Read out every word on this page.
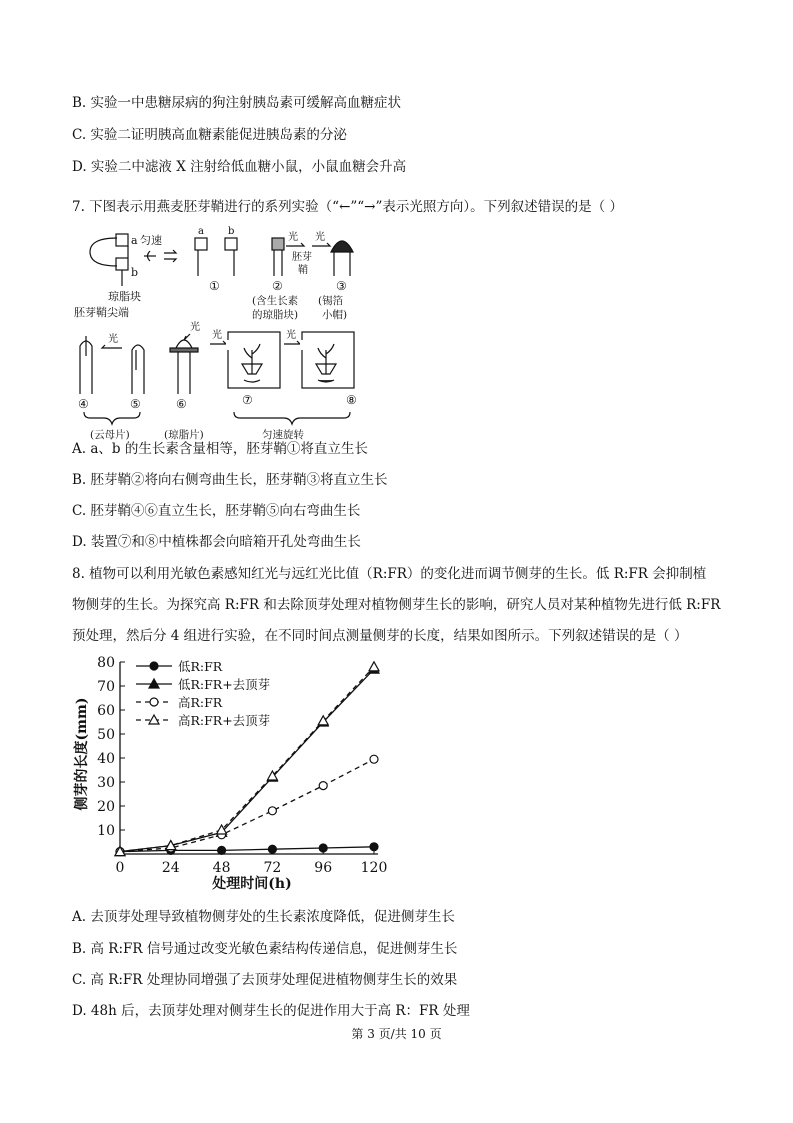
B. 实验一中患糖尿病的狗注射胰岛素可缓解高血糖症状
C. 实验二证明胰高血糖素能促进胰岛素的分泌
D. 实验二中滤液 X 注射给低血糖小鼠，小鼠血糖会升高
7. 下图表示用燕麦胚芽鞘进行的系列实验（“←”“→”表示光照方向）。下列叙述错误的是（ ）
a
b
匀速
琼脂块
胚芽鞘尖端
a b
①
光
胚芽
鞘
光
②	③
(含生长素
的琼脂块)
(锡箔
小帽)
光
④	⑤
(云母片)
光
⑥
(琼脂片)
光
⑦
光
⑧
匀速旋转
A. a、b 的生长素含量相等，胚芽鞘①将直立生长
B. 胚芽鞘②将向右侧弯曲生长，胚芽鞘③将直立生长
C. 胚芽鞘④⑥直立生长，胚芽鞘⑤向右弯曲生长
D. 装置⑦和⑧中植株都会向暗箱开孔处弯曲生长
8. 植物可以利用光敏色素感知红光与远红光比值（R:FR）的变化进而调节侧芽的生长。低 R:FR 会抑制植
物侧芽的生长。为探究高 R:FR 和去除顶芽处理对植物侧芽生长的影响，研究人员对某种植物先进行低 R:FR
预处理，然后分 4 组进行实验，在不同时间点测量侧芽的长度，结果如图所示。下列叙述错误的是（ ）
侧芽的长度(mm)
处理时间(h)
10
20
30
40
50
60
70
80
0	24 48 72 96 120
低R:FR
低R:FR+去顶芽
高R:FR
高R:FR+去顶芽
A. 去顶芽处理导致植物侧芽处的生长素浓度降低，促进侧芽生长
B. 高 R:FR 信号通过改变光敏色素结构传递信息，促进侧芽生长
C. 高 R:FR 处理协同增强了去顶芽处理促进植物侧芽生长的效果
D. 48h 后，去顶芽处理对侧芽生长的促进作用大于高 R：FR 处理
第 3 页/共 10 页
